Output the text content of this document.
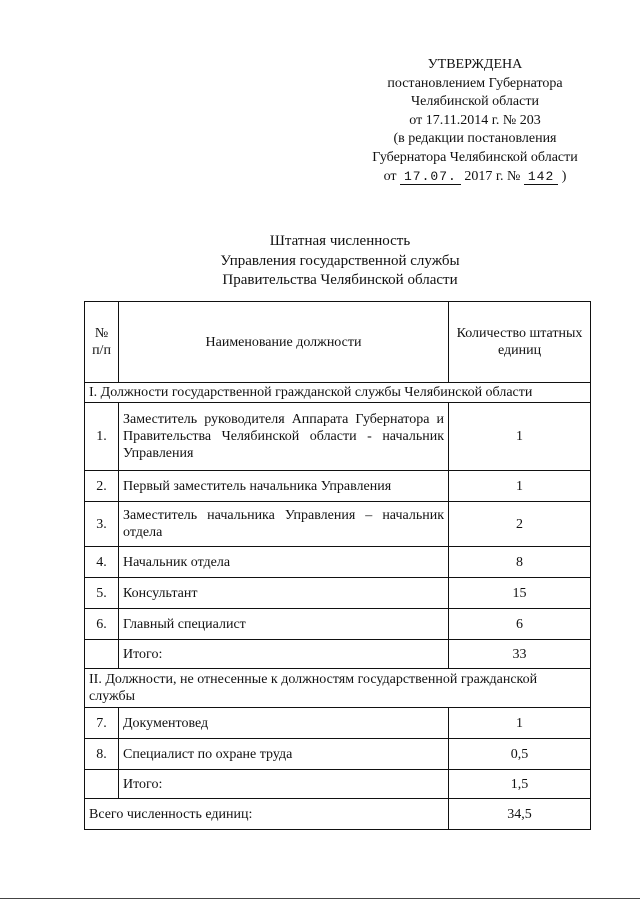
УТВЕРЖДЕНА
постановлением Губернатора
Челябинской области
от 17.11.2014 г. № 203
(в редакции постановления
Губернатора Челябинской области
от 17.07. 2017 г. № 142 )
Штатная численность
Управления государственной службы
Правительства Челябинской области
№ п/п	Наименование должности	Количество штатных единиц
I. Должности государственной гражданской службы Челябинской области		
1.	Заместитель руководителя Аппарата Губернатора и Правительства Челябинской области - начальник Управления	1
2.	Первый заместитель начальника Управления	1
3.	Заместитель начальника Управления – начальник отдела	2
4.	Начальник отдела	8
5.	Консультант	15
6.	Главный специалист	6
	Итого:	33
II. Должности, не отнесенные к должностям государственной гражданской службы		
7.	Документовед	1
8.	Специалист по охране труда	0,5
	Итого:	1,5
Всего численность единиц:		34,5
